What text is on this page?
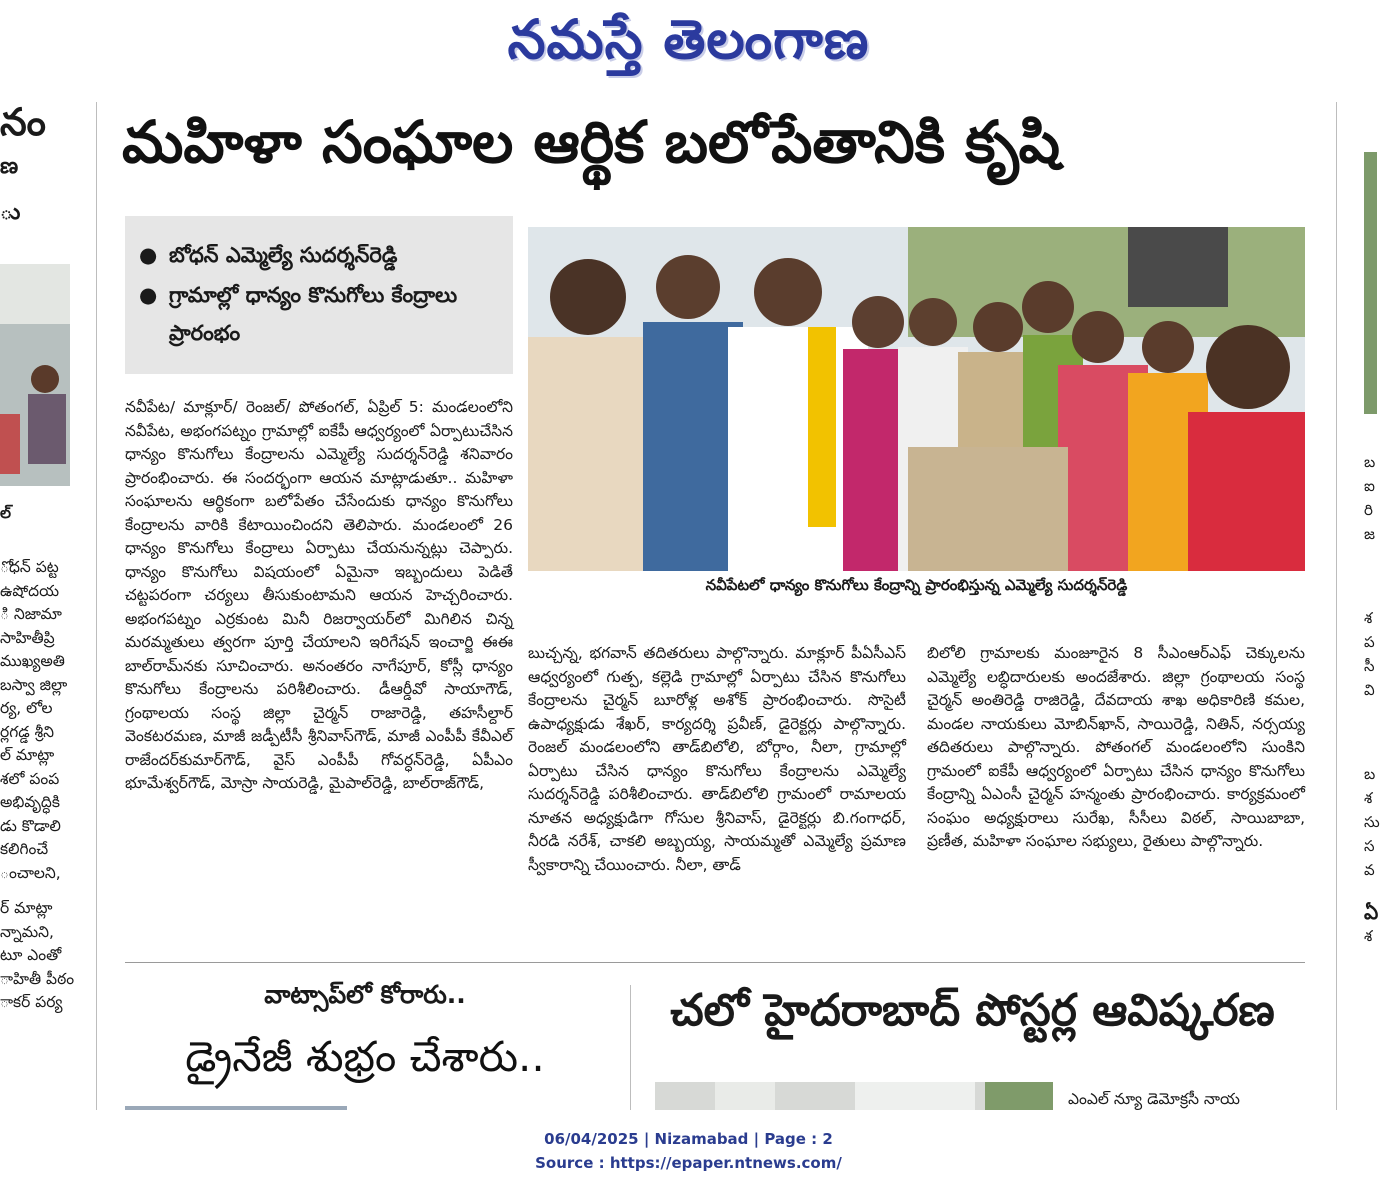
నమస్తే తెలంగాణ
నం
ణ
ు
ల్
ోధన్ పట్ట
ఉషోదయ
ి నిజామా
సాహితీప్రి
ముఖ్యఅతి
బస్వా జిల్లా
ర్య, లోల
ర్లగడ్డ శ్రీని
ల్ మాట్లా
శలో పంప
అభివృద్ధికి
డు కొడాలి
కలిగించే
ంచాలని,
ర్ మాట్లా
న్నామని,
టూ ఎంతో
ాహితీ పీఠం
ాకర్ పర్య
బ
ఐ
రి
జ
శ
ప
సీ
వి
బ
శ
సు
స
వ
ఏ
శ
మహిళా సంఘాల ఆర్థిక బలోపేతానికి కృషి
● బోధన్ ఎమ్మెల్యే సుదర్శన్‌రెడ్డి
● గ్రామాల్లో ధాన్యం కొనుగోలు కేంద్రాలు ప్రారంభం
నవీపేటలో ధాన్యం కొనుగోలు కేంద్రాన్ని ప్రారంభిస్తున్న ఎమ్మెల్యే సుదర్శన్‌రెడ్డి

నవీపేట/ మాక్లూర్/ రెంజల్/ పోతంగల్, ఏప్రిల్ 5: మండలంలోని నవీపేట, అభంగపట్నం గ్రామాల్లో ఐకేపీ ఆధ్వర్యంలో ఏర్పాటుచేసిన ధాన్యం కొనుగోలు కేంద్రాలను ఎమ్మెల్యే సుదర్శన్‌రెడ్డి శనివారం ప్రారంభించారు. ఈ సందర్భంగా ఆయన మాట్లాడుతూ.. మహిళా సంఘాలను ఆర్థికంగా బలోపేతం చేసేందుకు ధాన్యం కొనుగోలు కేంద్రాలను వారికి కేటాయించిందని తెలిపారు. మండలంలో 26 ధాన్యం కొనుగోలు కేంద్రాలు ఏర్పాటు చేయనున్నట్లు చెప్పారు. ధాన్యం కొనుగోలు విషయంలో ఏమైనా ఇబ్బందులు పెడితే చట్టపరంగా చర్యలు తీసుకుంటామని ఆయన హెచ్చరించారు. అభంగపట్నం ఎర్రకుంట మినీ రిజర్వాయర్‌లో మిగిలిన చిన్న మరమ్మతులు త్వరగా పూర్తి చేయాలని ఇరిగేషన్ ఇంచార్జి ఈఈ బాల్‌రామ్‌నకు సూచించారు. అనంతరం నాగేపూర్, కోస్లీ ధాన్యం కొనుగోలు కేంద్రాలను పరిశీలించారు. డీఆర్డీవో సాయాగౌడ్, గ్రంథాలయ సంస్థ జిల్లా చైర్మన్ రాజారెడ్డి, తహసీల్దార్ వెంకటరమణ, మాజీ జడ్పీటీసీ శ్రీనివాస్‌గౌడ్, మాజీ ఎంపీపీ కేవీఎల్ రాజేందర్‌కుమార్‌గౌడ్, వైస్ ఎంపీపీ గోవర్ధన్‌రెడ్డి, ఏపీఎం భూమేశ్వర్‌గౌడ్, మోస్రా సాయరెడ్డి, మైపాల్‌రెడ్డి, బాల్‌రాజ్‌గౌడ్,

బుచ్చన్న, భగవాన్ తదితరులు పాల్గొన్నారు. మాక్లూర్ పీఏసీఎస్ ఆధ్వర్యంలో గుత్ప, కల్లెడి గ్రామాల్లో ఏర్పాటు చేసిన కొనుగోలు కేంద్రాలను చైర్మన్ బూరోళ్ల అశోక్ ప్రారంభించారు. సొసైటీ ఉపాధ్యక్షుడు శేఖర్, కార్యదర్శి ప్రవీణ్, డైరెక్టర్లు పాల్గొన్నారు. రెంజల్ మండలంలోని తాడ్‌బిలోలి, బోర్గాం, నీలా, గ్రామాల్లో ఏర్పాటు చేసిన ధాన్యం కొనుగోలు కేంద్రాలను ఎమ్మెల్యే సుదర్శన్‌రెడ్డి పరిశీలించారు. తాడ్‌బిలోలి గ్రామంలో రామాలయ నూతన అధ్యక్షుడిగా గోసుల శ్రీనివాస్, డైరెక్టర్లు బి.గంగాధర్, నీరడి నరేశ్, చాకలి అబ్బయ్య, సాయమ్మతో ఎమ్మెల్యే ప్రమాణ స్వీకారాన్ని చేయించారు. నీలా, తాడ్

బిలోలి గ్రామాలకు మంజూరైన 8 సీఎంఆర్‌ఎఫ్ చెక్కులను ఎమ్మెల్యే లబ్ధిదారులకు అందజేశారు. జిల్లా గ్రంథాలయ సంస్థ చైర్మన్ అంతిరెడ్డి రాజిరెడ్డి, దేవదాయ శాఖ అధికారిణి కమల, మండల నాయకులు మోబిన్‌ఖాన్, సాయిరెడ్డి, నితిన్, నర్సయ్య తదితరులు పాల్గొన్నారు. పోతంగల్ మండలంలోని సుంకిని గ్రామంలో ఐకేపీ ఆధ్వర్యంలో ఏర్పాటు చేసిన ధాన్యం కొనుగోలు కేంద్రాన్ని ఏఎంసీ చైర్మన్ హన్మంతు ప్రారంభించారు. కార్యక్రమంలో సంఘం అధ్యక్షురాలు సురేఖ, సీసీలు విఠల్, సాయిబాబా, ప్రణీత, మహిళా సంఘాల సభ్యులు, రైతులు పాల్గొన్నారు.

వాట్సాప్‌లో కోరారు..
డ్రైనేజీ శుభ్రం చేశారు..
చలో హైదరాబాద్ పోస్టర్ల ఆవిష్కరణ
ఎంఎల్ న్యూ డెమోక్రసీ నాయ
06/04/2025 | Nizamabad | Page : 2
Source : https://epaper.ntnews.com/
